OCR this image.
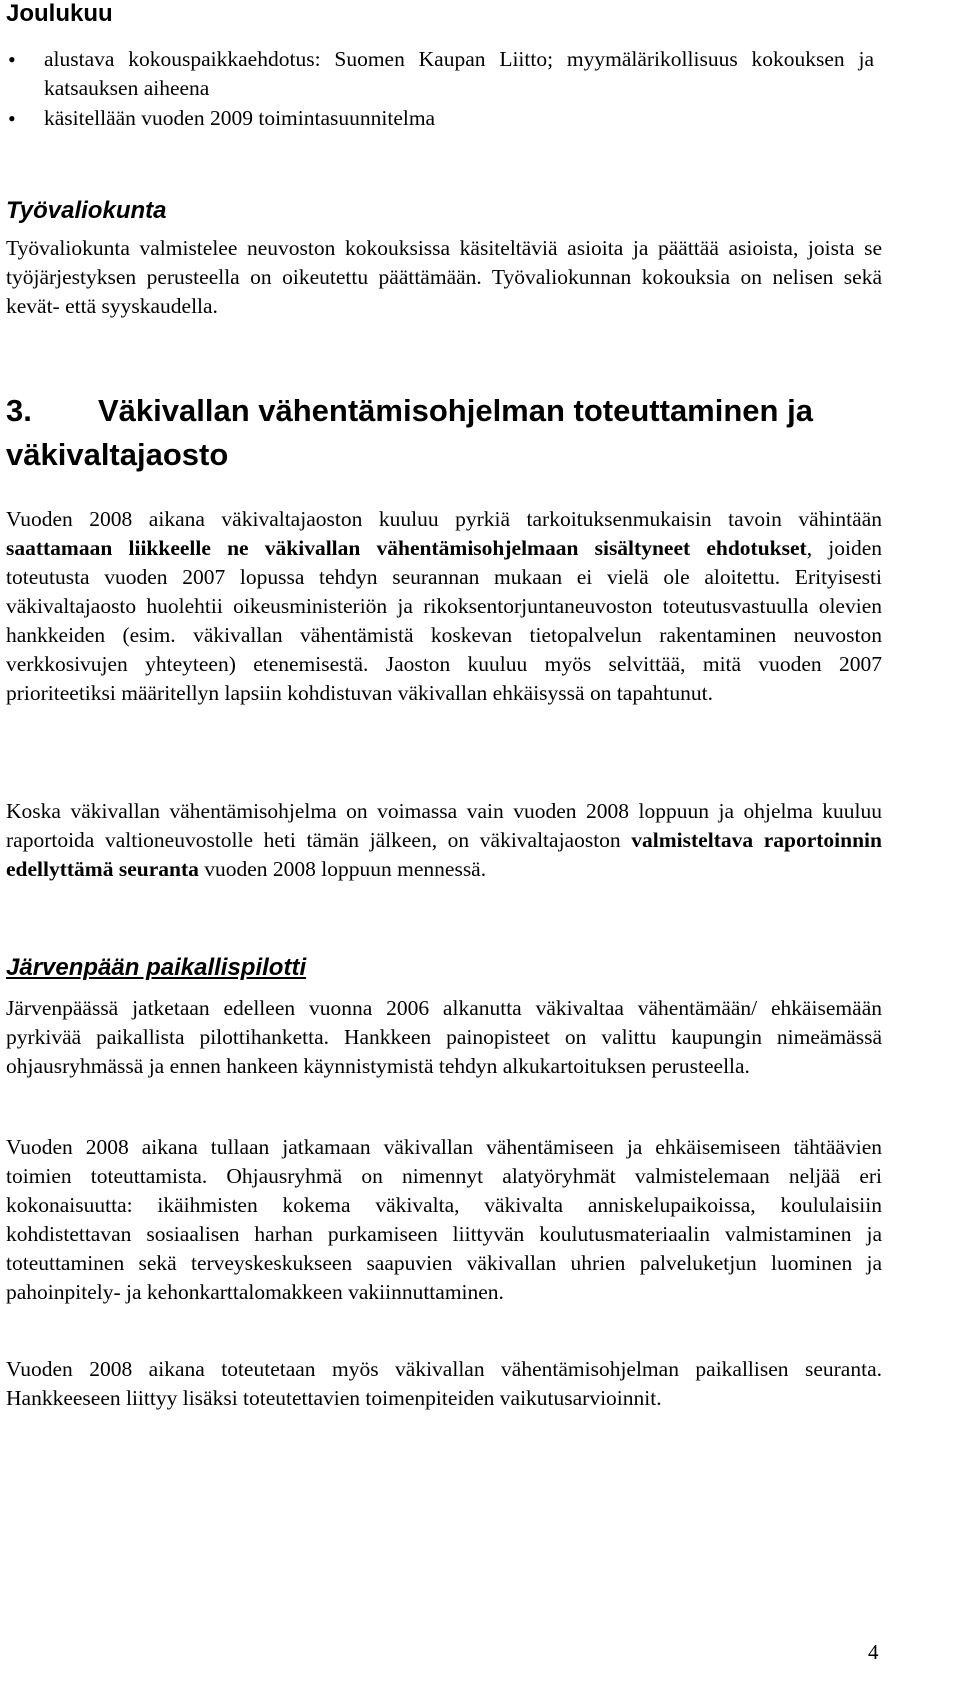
Joulukuu
• alustava kokouspaikkaehdotus: Suomen Kaupan Liitto; myymälärikollisuus kokouksen ja katsauksen aiheena
• käsitellään vuoden 2009 toimintasuunnitelma
Työvaliokunta
Työvaliokunta valmistelee neuvoston kokouksissa käsiteltäviä asioita ja päättää asioista, joista se työjärjestyksen perusteella on oikeutettu päättämään. Työvaliokunnan kokouksia on nelisen sekä kevät- että syyskaudella.
3. Väkivallan vähentämisohjelman toteuttaminen ja väkivaltajaosto
Vuoden 2008 aikana väkivaltajaoston kuuluu pyrkiä tarkoituksenmukaisin tavoin vähintään saattamaan liikkeelle ne väkivallan vähentämisohjelmaan sisältyneet ehdotukset, joiden toteutusta vuoden 2007 lopussa tehdyn seurannan mukaan ei vielä ole aloitettu. Erityisesti väkivaltajaosto huolehtii oikeusministeriön ja rikoksentorjuntaneuvoston toteutusvastuulla olevien hankkeiden (esim. väkivallan vähentämistä koskevan tietopalvelun rakentaminen neuvoston verkkosivujen yhteyteen) etenemisestä. Jaoston kuuluu myös selvittää, mitä vuoden 2007 prioriteetiksi määritellyn lapsiin kohdistuvan väkivallan ehkäisyssä on tapahtunut.
Koska väkivallan vähentämisohjelma on voimassa vain vuoden 2008 loppuun ja ohjelma kuuluu raportoida valtioneuvostolle heti tämän jälkeen, on väkivaltajaoston valmisteltava raportoinnin edellyttämä seuranta vuoden 2008 loppuun mennessä.
Järvenpään paikallispilotti
Järvenpäässä jatketaan edelleen vuonna 2006 alkanutta väkivaltaa vähentämään/ ehkäisemään pyrkivää paikallista pilottihanketta. Hankkeen painopisteet on valittu kaupungin nimeämässä ohjausryhmässä ja ennen hankeen käynnistymistä tehdyn alkukartoituksen perusteella.
Vuoden 2008 aikana tullaan jatkamaan väkivallan vähentämiseen ja ehkäisemiseen tähtäävien toimien toteuttamista. Ohjausryhmä on nimennyt alatyöryhmät valmistelemaan neljää eri kokonaisuutta: ikäihmisten kokema väkivalta, väkivalta anniskelupaikoissa, koululaisiin kohdistettavan sosiaalisen harhan purkamiseen liittyvän koulutusmateriaalin valmistaminen ja toteuttaminen sekä terveyskeskukseen saapuvien väkivallan uhrien palveluketjun luominen ja pahoinpitely- ja kehonkarttalomakkeen vakiinnuttaminen.
Vuoden 2008 aikana toteutetaan myös väkivallan vähentämisohjelman paikallisen seuranta. Hankkeeseen liittyy lisäksi toteutettavien toimenpiteiden vaikutusarvioinnit.
4
